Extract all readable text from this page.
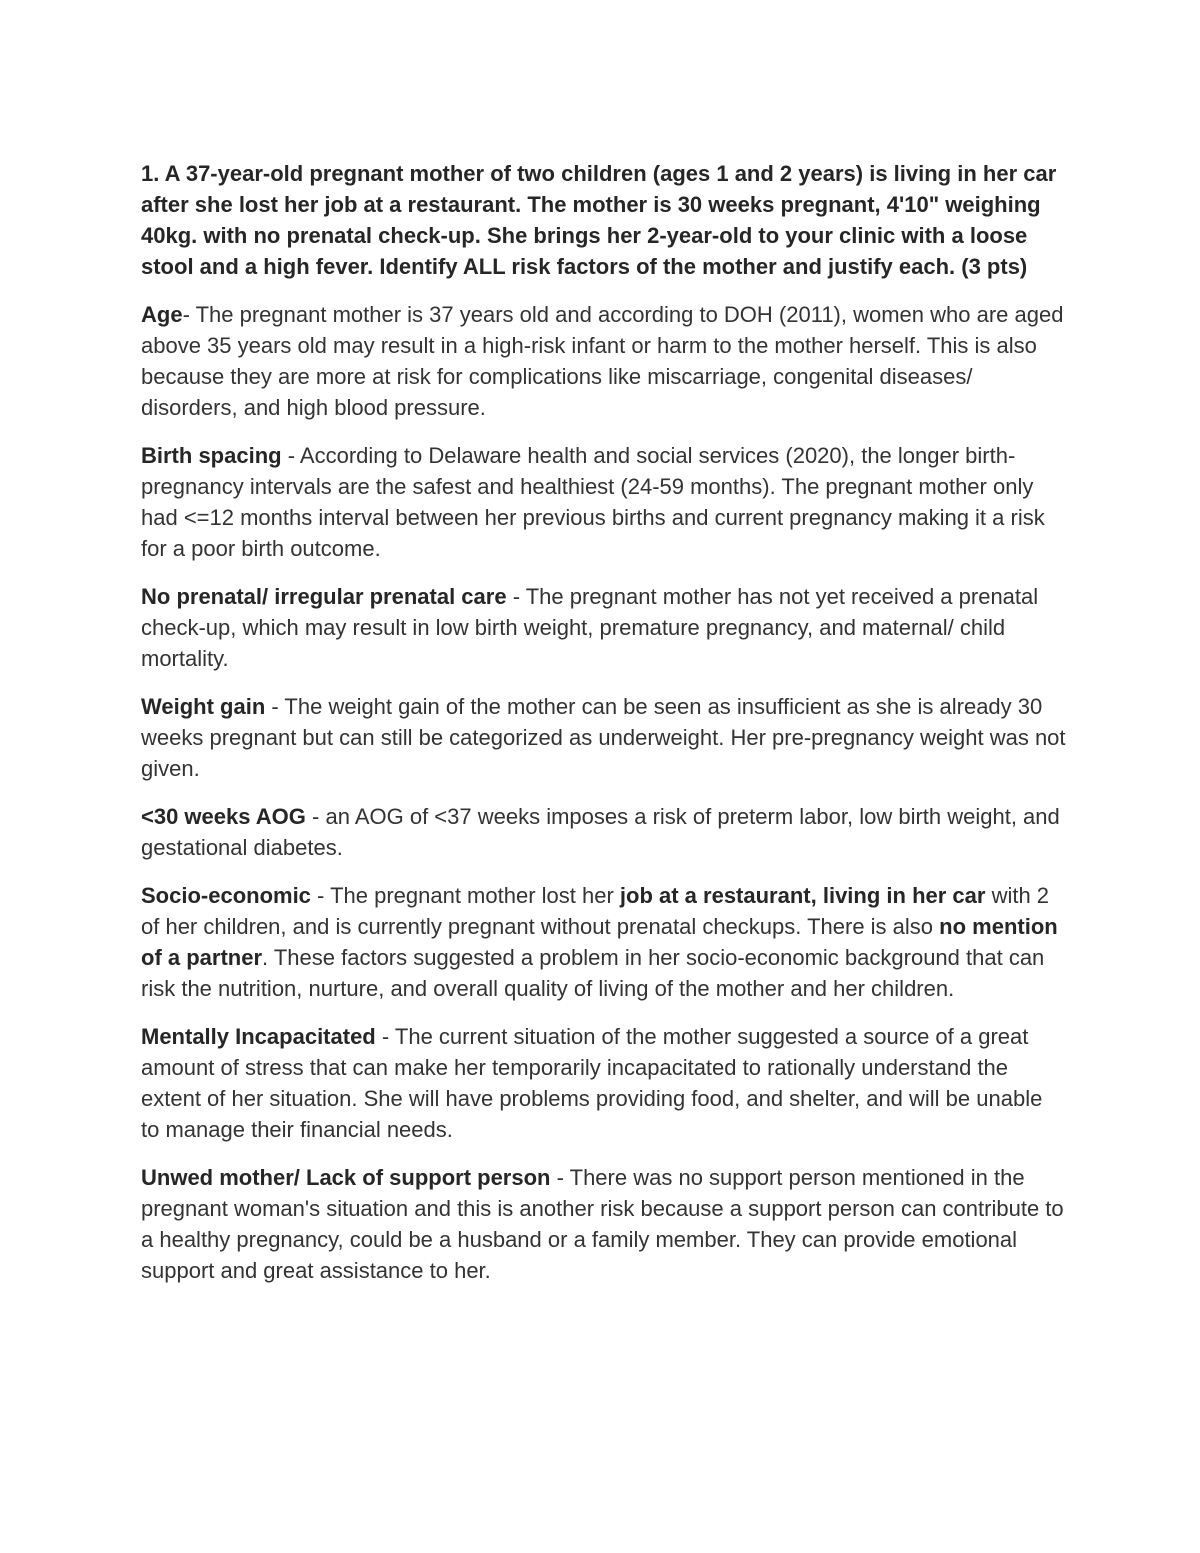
1. A 37-year-old pregnant mother of two children (ages 1 and 2 years) is living in her car after she lost her job at a restaurant. The mother is 30 weeks pregnant, 4'10" weighing 40kg. with no prenatal check-up. She brings her 2-year-old to your clinic with a loose stool and a high fever. Identify ALL risk factors of the mother and justify each. (3 pts)

Age- The pregnant mother is 37 years old and according to DOH (2011), women who are aged above 35 years old may result in a high-risk infant or harm to the mother herself. This is also because they are more at risk for complications like miscarriage, congenital diseases/ disorders, and high blood pressure.

Birth spacing - According to Delaware health and social services (2020), the longer birth-pregnancy intervals are the safest and healthiest (24-59 months). The pregnant mother only had <=12 months interval between her previous births and current pregnancy making it a risk for a poor birth outcome.

No prenatal/ irregular prenatal care - The pregnant mother has not yet received a prenatal check-up, which may result in low birth weight, premature pregnancy, and maternal/ child mortality.

Weight gain - The weight gain of the mother can be seen as insufficient as she is already 30 weeks pregnant but can still be categorized as underweight. Her pre-pregnancy weight was not given.

<30 weeks AOG - an AOG of <37 weeks imposes a risk of preterm labor, low birth weight, and gestational diabetes.

Socio-economic - The pregnant mother lost her job at a restaurant, living in her car with 2 of her children, and is currently pregnant without prenatal checkups. There is also no mention of a partner. These factors suggested a problem in her socio-economic background that can risk the nutrition, nurture, and overall quality of living of the mother and her children.

Mentally Incapacitated - The current situation of the mother suggested a source of a great amount of stress that can make her temporarily incapacitated to rationally understand the extent of her situation. She will have problems providing food, and shelter, and will be unable to manage their financial needs.

Unwed mother/ Lack of support person - There was no support person mentioned in the pregnant woman's situation and this is another risk because a support person can contribute to a healthy pregnancy, could be a husband or a family member. They can provide emotional support and great assistance to her.
